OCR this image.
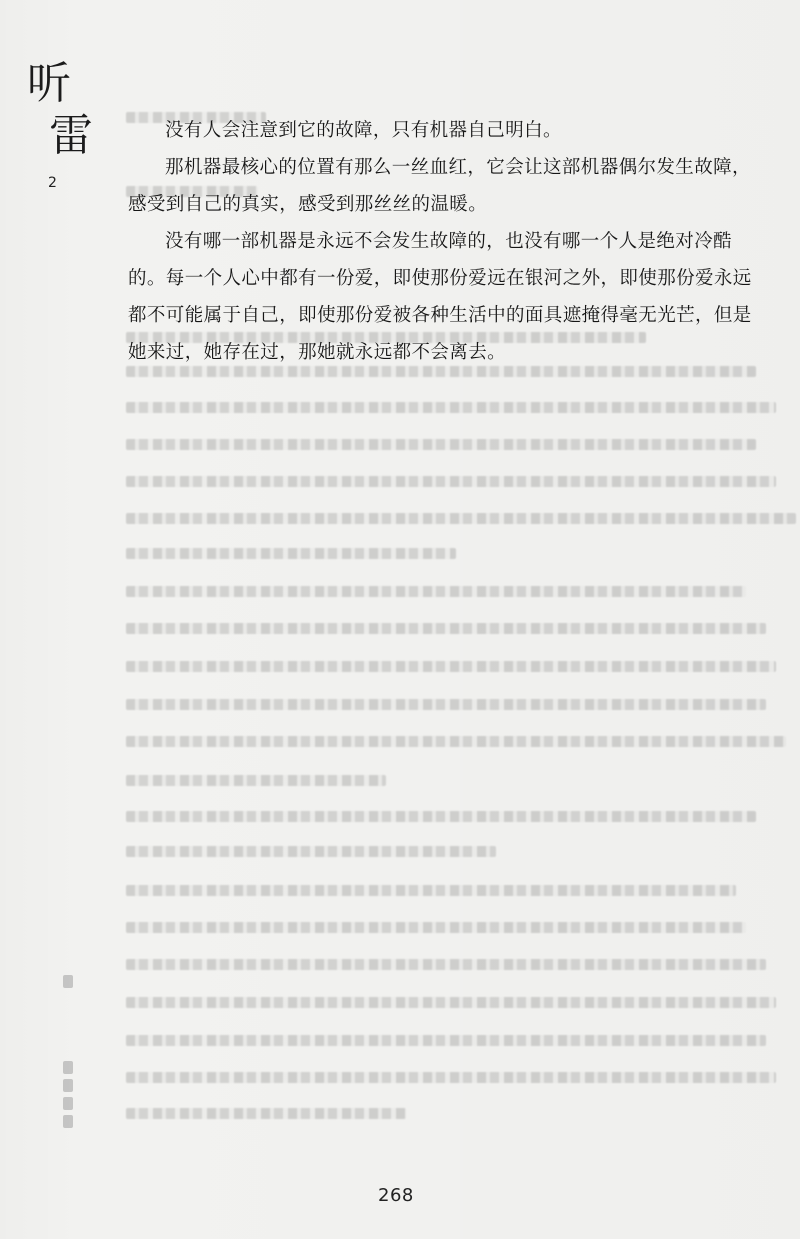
听
雷
2

没有人会注意到它的故障，只有机器自己明白。

那机器最核心的位置有那么一丝血红，它会让这部机器偶尔发生故障，感受到自己的真实，感受到那丝丝的温暖。

没有哪一部机器是永远不会发生故障的，也没有哪一个人是绝对冷酷的。每一个人心中都有一份爱，即使那份爱远在银河之外，即使那份爱永远都不可能属于自己，即使那份爱被各种生活中的面具遮掩得毫无光芒，但是她来过，她存在过，那她就永远都不会离去。

268
